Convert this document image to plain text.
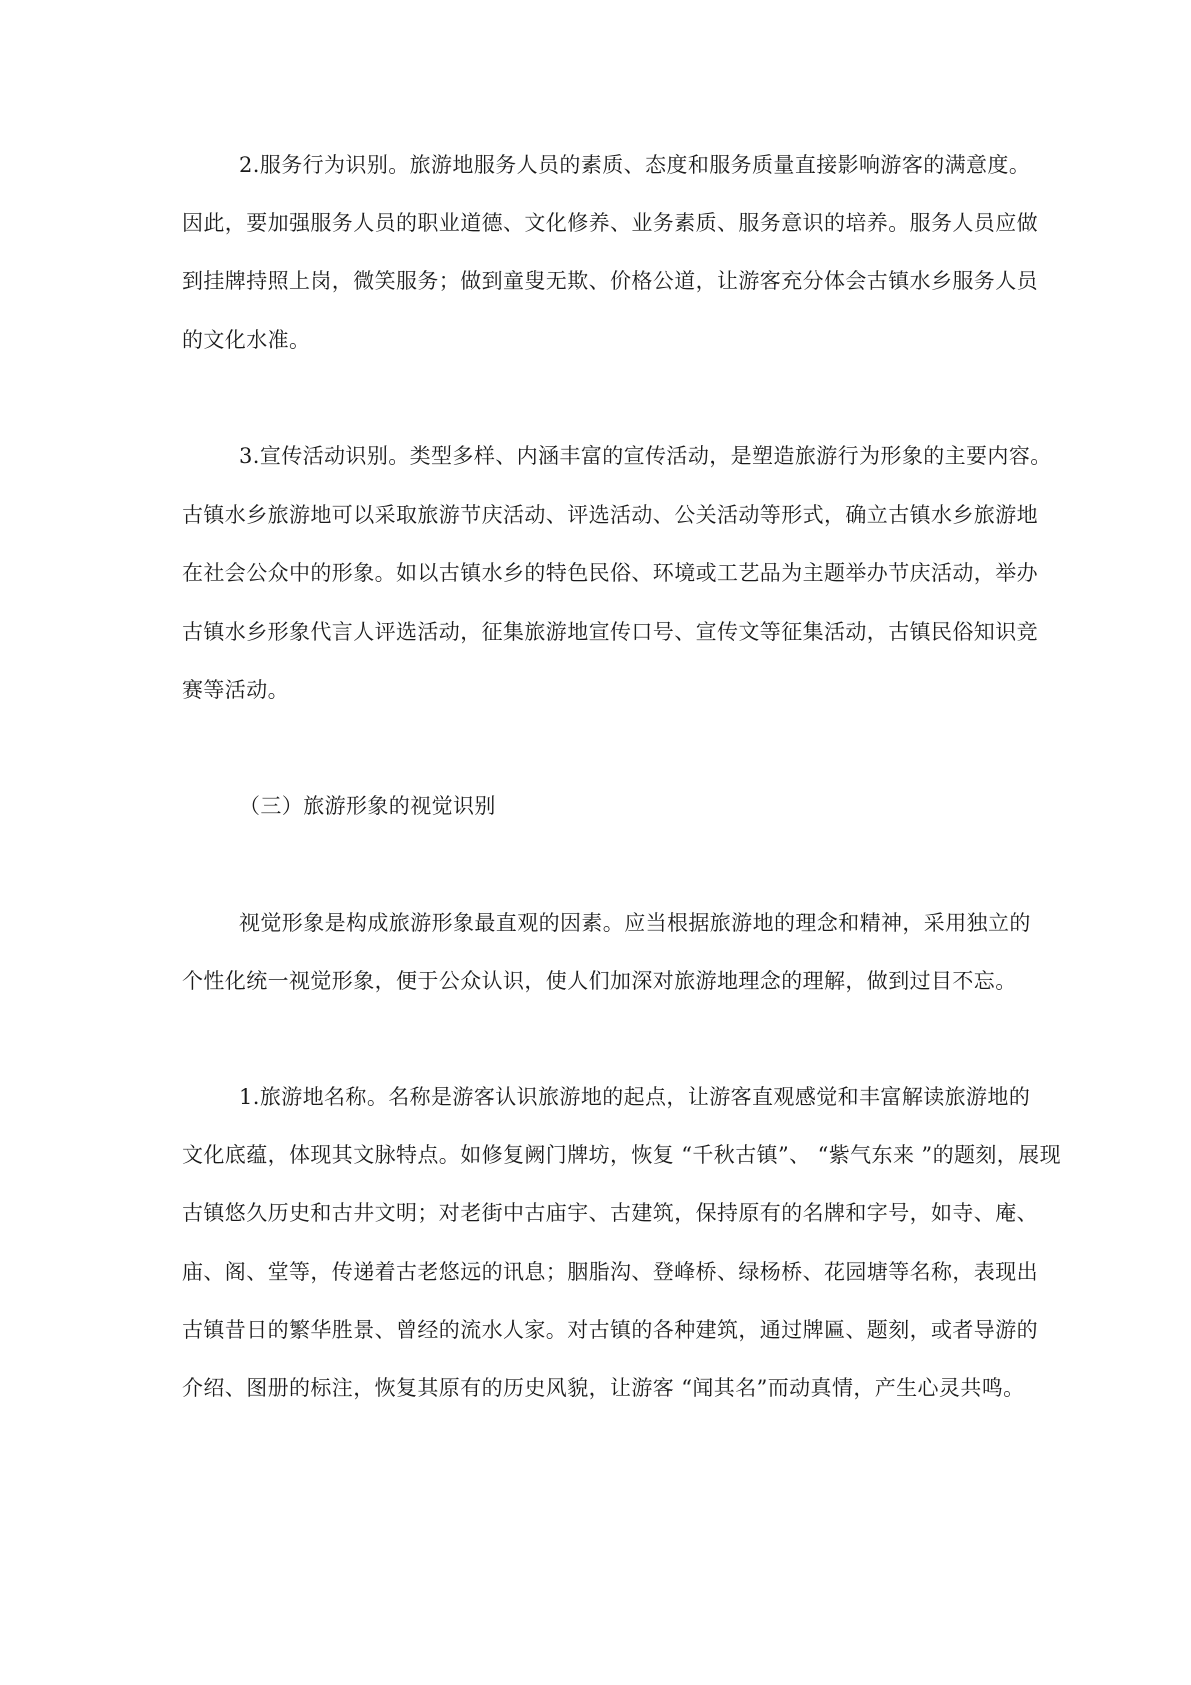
2.服务行为识别。旅游地服务人员的素质、态度和服务质量直接影响游客的满意度。
因此，要加强服务人员的职业道德、文化修养、业务素质、服务意识的培养。服务人员应做
到挂牌持照上岗，微笑服务；做到童叟无欺、价格公道，让游客充分体会古镇水乡服务人员
的文化水准。
3.宣传活动识别。类型多样、内涵丰富的宣传活动，是塑造旅游行为形象的主要内容。
古镇水乡旅游地可以采取旅游节庆活动、评选活动、公关活动等形式，确立古镇水乡旅游地
在社会公众中的形象。如以古镇水乡的特色民俗、环境或工艺品为主题举办节庆活动，举办
古镇水乡形象代言人评选活动，征集旅游地宣传口号、宣传文等征集活动，古镇民俗知识竞
赛等活动。
（三）旅游形象的视觉识别
视觉形象是构成旅游形象最直观的因素。应当根据旅游地的理念和精神，采用独立的
个性化统一视觉形象，便于公众认识，使人们加深对旅游地理念的理解，做到过目不忘。
1.旅游地名称。名称是游客认识旅游地的起点，让游客直观感觉和丰富解读旅游地的
文化底蕴，体现其文脉特点。如修复阙门牌坊，恢复 “千秋古镇”、 “紫气东来 ”的题刻，展现
古镇悠久历史和古井文明；对老街中古庙宇、古建筑，保持原有的名牌和字号，如寺、庵、
庙、阁、堂等，传递着古老悠远的讯息；胭脂沟、登峰桥、绿杨桥、花园塘等名称，表现出
古镇昔日的繁华胜景、曾经的流水人家。对古镇的各种建筑，通过牌匾、题刻，或者导游的
介绍、图册的标注，恢复其原有的历史风貌，让游客 “闻其名”而动真情，产生心灵共鸣。
